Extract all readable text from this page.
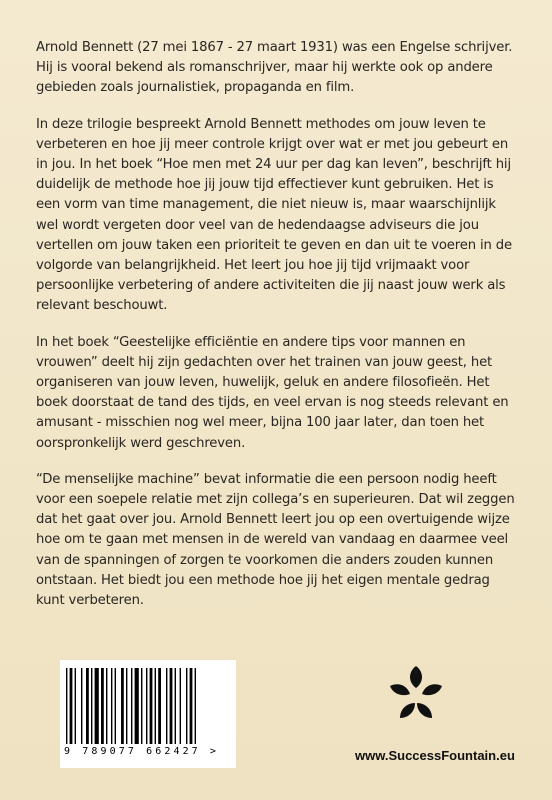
Arnold Bennett (27 mei 1867 - 27 maart 1931) was een Engelse schrijver. Hij is vooral bekend als romanschrijver, maar hij werkte ook op andere gebieden zoals journalistiek, propaganda en film.

In deze trilogie bespreekt Arnold Bennett methodes om jouw leven te verbeteren en hoe jij meer controle krijgt over wat er met jou gebeurt en in jou. In het boek “Hoe men met 24 uur per dag kan leven”, beschrijft hij duidelijk de methode hoe jij jouw tijd effectiever kunt gebruiken. Het is een vorm van time management, die niet nieuw is, maar waarschijnlijk wel wordt vergeten door veel van de hedendaagse adviseurs die jou vertellen om jouw taken een prioriteit te geven en dan uit te voeren in de volgorde van belangrijkheid. Het leert jou hoe jij tijd vrijmaakt voor persoonlijke verbetering of andere activiteiten die jij naast jouw werk als relevant beschouwt.

In het boek “Geestelijke efficiëntie en andere tips voor mannen en vrouwen” deelt hij zijn gedachten over het trainen van jouw geest, het organiseren van jouw leven, huwelijk, geluk en andere filosofieën. Het boek doorstaat de tand des tijds, en veel ervan is nog steeds relevant en amusant - misschien nog wel meer, bijna 100 jaar later, dan toen het oorspronkelijk werd geschreven.

“De menselijke machine” bevat informatie die een persoon nodig heeft voor een soepele relatie met zijn collega’s en superieuren. Dat wil zeggen dat het gaat over jou. Arnold Bennett leert jou op een overtuigende wijze hoe om te gaan met mensen in de wereld van vandaag en daarmee veel van de spanningen of zorgen te voorkomen die anders zouden kunnen ontstaan. Het biedt jou een methode hoe jij het eigen mentale gedrag kunt verbeteren.

9 789077 662427 >	www.SuccessFountain.eu
